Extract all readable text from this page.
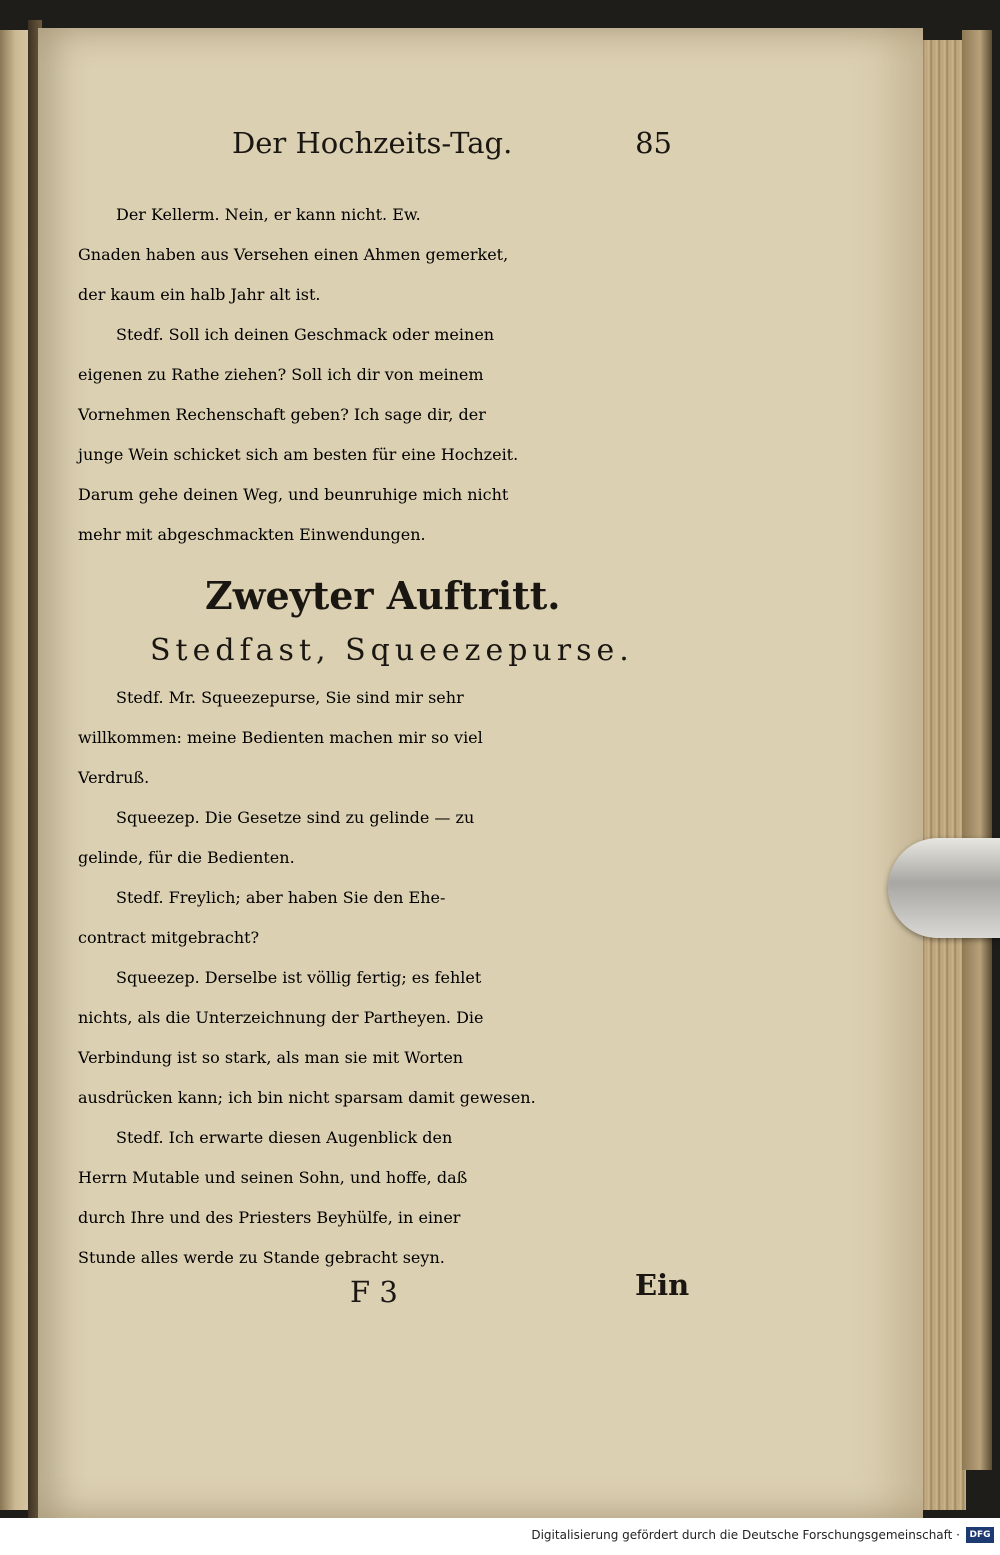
Der Hochzeits-Tag.	85
Der Kellerm. Nein, er kann nicht. Ew.
Gnaden haben aus Versehen einen Ahmen gemerket,
der kaum ein halb Jahr alt ist.
Stedf. Soll ich deinen Geschmack oder meinen
eigenen zu Rathe ziehen? Soll ich dir von meinem
Vornehmen Rechenschaft geben? Ich sage dir, der
junge Wein schicket sich am besten für eine Hochzeit.
Darum gehe deinen Weg, und beunruhige mich nicht
mehr mit abgeschmackten Einwendungen.
Zweyter Auftritt.
Stedfast, Squeezepurse.
Stedf. Mr. Squeezepurse, Sie sind mir sehr
willkommen: meine Bedienten machen mir so viel
Verdruß.
Squeezep. Die Gesetze sind zu gelinde — zu
gelinde, für die Bedienten.
Stedf. Freylich; aber haben Sie den Ehe-
contract mitgebracht?
Squeezep. Derselbe ist völlig fertig; es fehlet
nichts, als die Unterzeichnung der Partheyen. Die
Verbindung ist so stark, als man sie mit Worten
ausdrücken kann; ich bin nicht sparsam damit gewesen.
Stedf. Ich erwarte diesen Augenblick den
Herrn Mutable und seinen Sohn, und hoffe, daß
durch Ihre und des Priesters Beyhülfe, in einer
Stunde alles werde zu Stande gebracht seyn.
F 3	Ein
Digitalisierung gefördert durch die Deutsche Forschungsgemeinschaft ·	DFG
